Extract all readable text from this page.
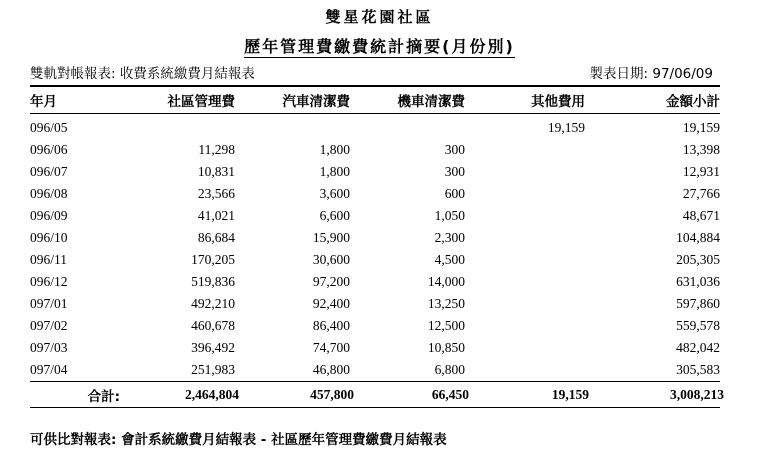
雙星花園社區
歷年管理費繳費統計摘要(月份別)
雙軌對帳報表: 收費系統繳費月結報表	製表日期: 97/06/09
年月	社區管理費	汽車清潔費	機車清潔費	其他費用	金額小計
096/05				19,159	19,159
096/06	11,298	1,800	300		13,398
096/07	10,831	1,800	300		12,931
096/08	23,566	3,600	600		27,766
096/09	41,021	6,600	1,050		48,671
096/10	86,684	15,900	2,300		104,884
096/11	170,205	30,600	4,500		205,305
096/12	519,836	97,200	14,000		631,036
097/01	492,210	92,400	13,250		597,860
097/02	460,678	86,400	12,500		559,578
097/03	396,492	74,700	10,850		482,042
097/04	251,983	46,800	6,800		305,583
合計:	2,464,804	457,800	66,450	19,159	3,008,213
可供比對報表: 會計系統繳費月結報表 - 社區歷年管理費繳費月結報表
